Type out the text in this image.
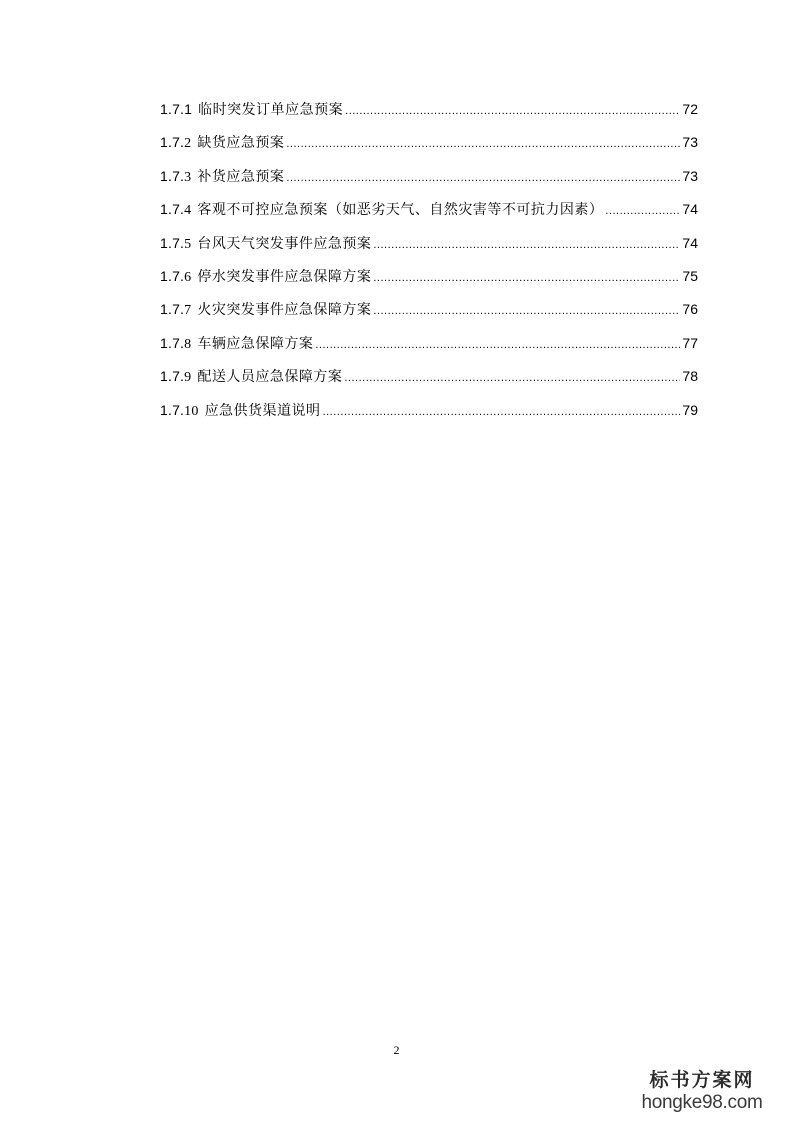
1.7.1 临时突发订单应急预案 .....	72
1.7.2 缺货应急预案 .....	73
1.7.3 补货应急预案 .....	73
1.7.4 客观不可控应急预案（如恶劣天气、自然灾害等不可抗力因素） .....	74
1.7.5 台风天气突发事件应急预案 .....	74
1.7.6 停水突发事件应急保障方案 .....	75
1.7.7 火灾突发事件应急保障方案 .....	76
1.7.8 车辆应急保障方案 .....	77
1.7.9 配送人员应急保障方案 .....	78
1.7.10 应急供货渠道说明 .....	79
2
标书方案网
hongke98.com
